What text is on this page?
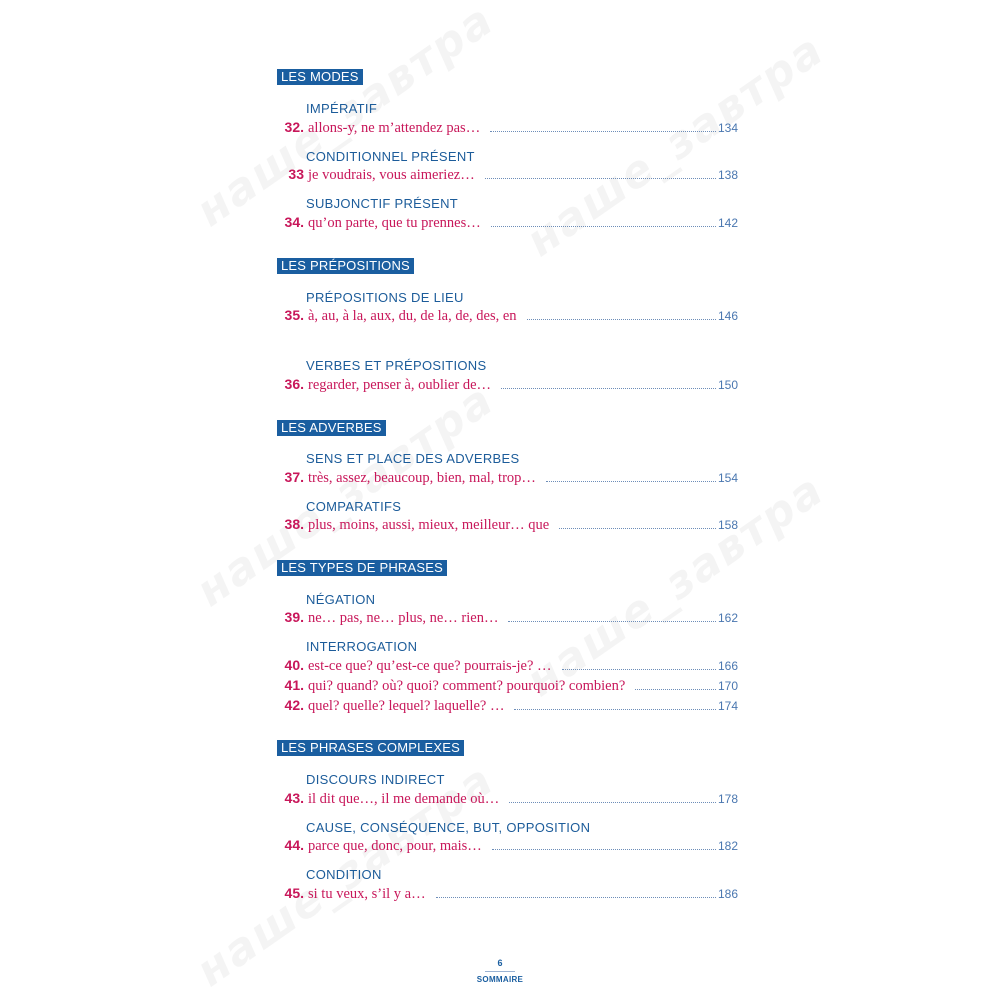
LES MODES
IMPÉRATIF
32. allons-y, ne m’attendez pas…	134
CONDITIONNEL PRÉSENT
33 je voudrais, vous aimeriez…	138
SUBJONCTIF PRÉSENT
34. qu’on parte, que tu prennes…	142
LES PRÉPOSITIONS
PRÉPOSITIONS DE LIEU
35. à, au, à la, aux, du, de la, de, des, en	146
VERBES ET PRÉPOSITIONS
36. regarder, penser à, oublier de…	150
LES ADVERBES
SENS ET PLACE DES ADVERBES
37. très, assez, beaucoup, bien, mal, trop…	154
COMPARATIFS
38. plus, moins, aussi, mieux, meilleur… que	158
LES TYPES DE PHRASES
NÉGATION
39. ne… pas, ne… plus, ne… rien…	162
INTERROGATION
40. est-ce que? qu’est-ce que? pourrais-je? …	166
41. qui? quand? où? quoi? comment? pourquoi? combien?	170
42. quel? quelle? lequel? laquelle? …	174
LES PHRASES COMPLEXES
DISCOURS INDIRECT
43. il dit que…, il me demande où…	178
CAUSE, CONSÉQUENCE, BUT, OPPOSITION
44. parce que, donc, pour, mais…	182
CONDITION
45. si tu veux, s’il y a…	186
6
SOMMAIRE
